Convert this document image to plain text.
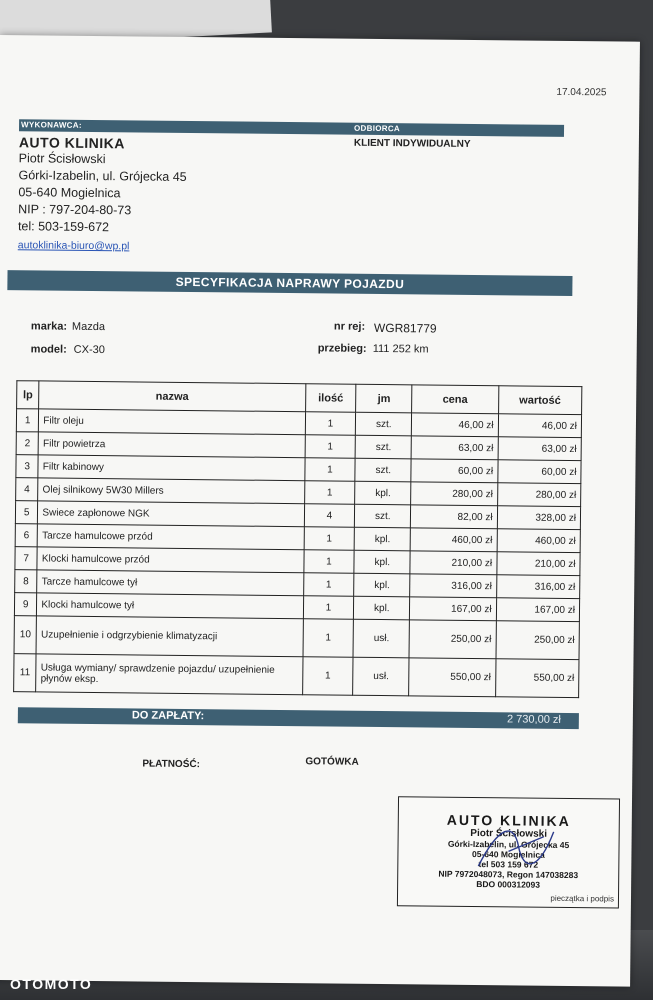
17.04.2025
WYKONAWCA:	ODBIORCA
KLIENT INDYWIDUALNY
AUTO KLINIKA
Piotr Ścisłowski
Górki-Izabelin, ul. Grójecka 45
05-640 Mogielnica
NIP : 797-204-80-73
tel: 503-159-672
autoklinika-biuro@wp.pl
SPECYFIKACJA NAPRAWY POJAZDU
marka: Mazda
model: CX-30
nr rej: WGR81779
przebieg: 111 252 km
lp	nazwa	ilość	jm	cena	wartość
1	Filtr oleju	1	szt.	46,00 zł	46,00 zł
2	Filtr powietrza	1	szt.	63,00 zł	63,00 zł
3	Filtr kabinowy	1	szt.	60,00 zł	60,00 zł
4	Olej silnikowy 5W30 Millers	1	kpl.	280,00 zł	280,00 zł
5	Swiece zapłonowe NGK	4	szt.	82,00 zł	328,00 zł
6	Tarcze hamulcowe przód	1	kpl.	460,00 zł	460,00 zł
7	Klocki hamulcowe przód	1	kpl.	210,00 zł	210,00 zł
8	Tarcze hamulcowe tył	1	kpl.	316,00 zł	316,00 zł
9	Klocki hamulcowe tył	1	kpl.	167,00 zł	167,00 zł
10	Uzupełnienie i odgrzybienie klimatyzacji	1	usł.	250,00 zł	250,00 zł
11	Usługa wymiany/ sprawdzenie pojazdu/ uzupełnienie płynów eksp.	1	usł.	550,00 zł	550,00 zł
DO ZAPŁATY:	2 730,00 zł
PŁATNOŚĆ:	GOTÓWKA
AUTO KLINIKA
Piotr Ścisłowski
Górki-Izabelin, ul. Grójecka 45
05-640 Mogielnica
tel 503 159 672
NIP 7972048073, Regon 147038283
BDO 000312093
pieczątka i podpis
OTOMOTO
